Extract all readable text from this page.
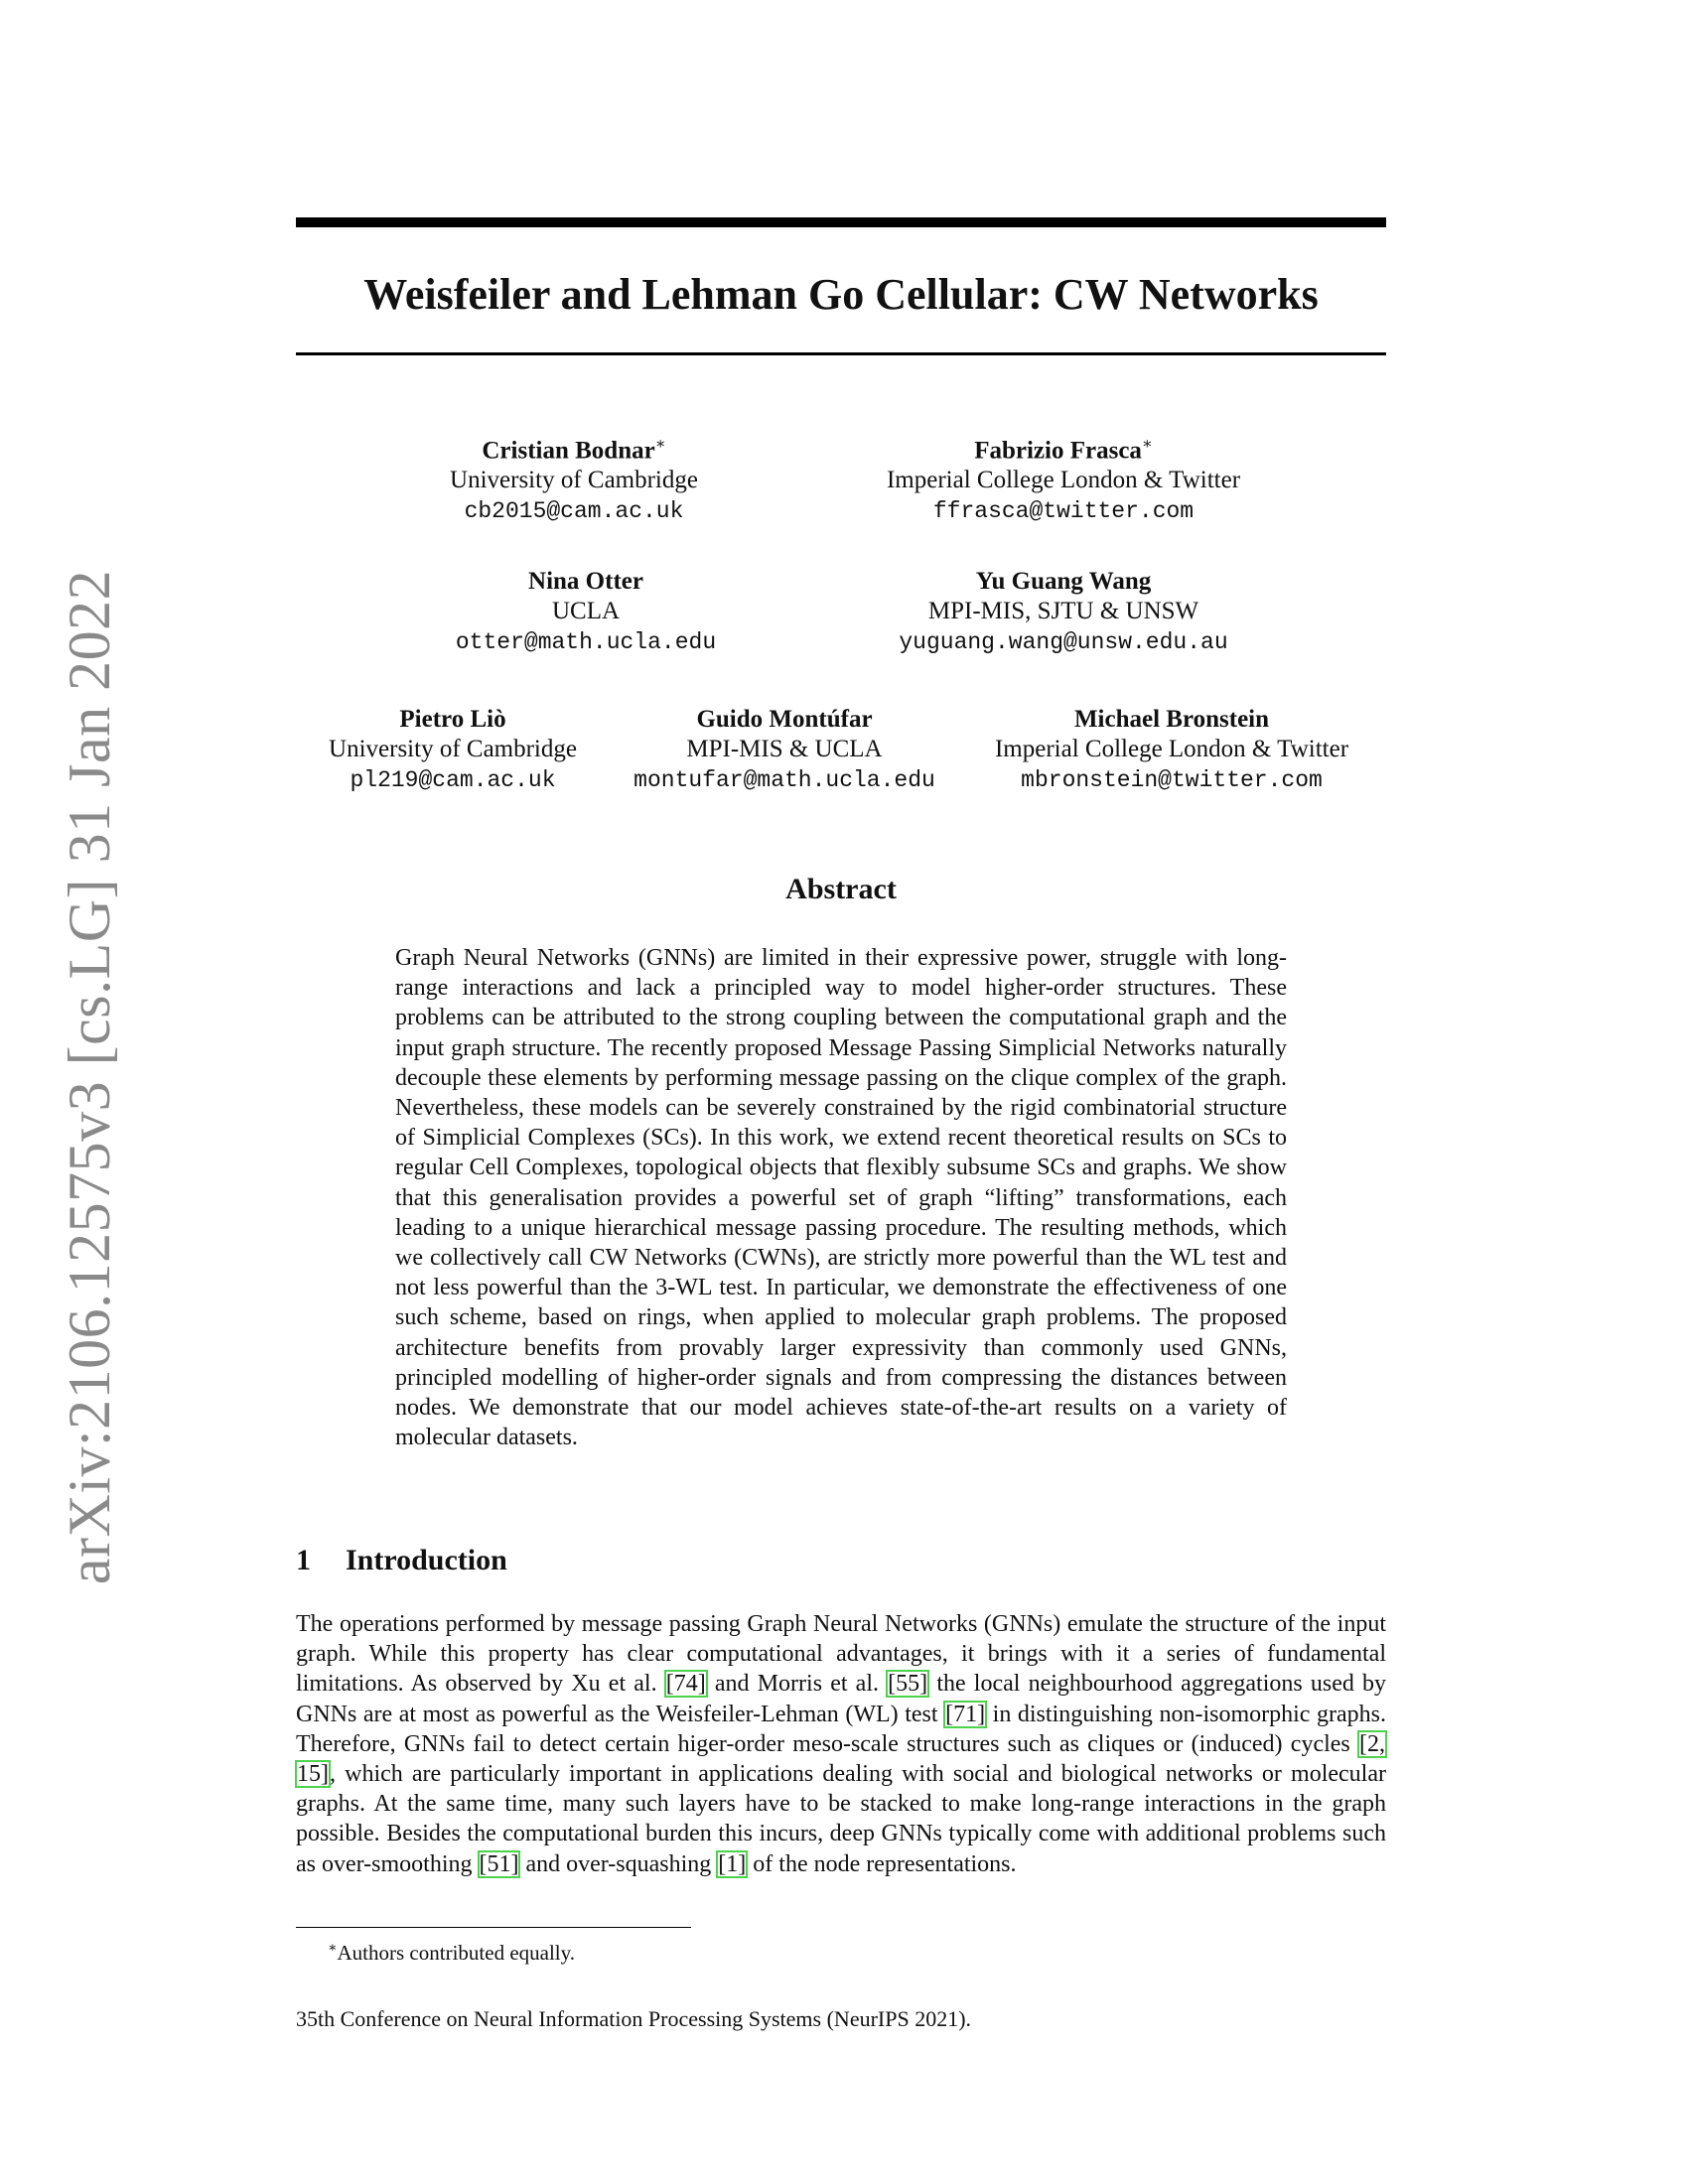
arXiv:2106.12575v3 [cs.LG] 31 Jan 2022
Weisfeiler and Lehman Go Cellular: CW Networks
Cristian Bodnar∗
University of Cambridge
cb2015@cam.ac.uk
Fabrizio Frasca∗
Imperial College London & Twitter
ffrasca@twitter.com
Nina Otter
UCLA
otter@math.ucla.edu
Yu Guang Wang
MPI-MIS, SJTU & UNSW
yuguang.wang@unsw.edu.au
Pietro Liò
University of Cambridge
pl219@cam.ac.uk
Guido Montúfar
MPI-MIS & UCLA
montufar@math.ucla.edu
Michael Bronstein
Imperial College London & Twitter
mbronstein@twitter.com
Abstract

Graph Neural Networks (GNNs) are limited in their expressive power, struggle with long-range interactions and lack a principled way to model higher-order structures. These problems can be attributed to the strong coupling between the computational graph and the input graph structure. The recently proposed Message Passing Simplicial Networks naturally decouple these elements by performing message passing on the clique complex of the graph. Nevertheless, these models can be severely constrained by the rigid combinatorial structure of Simplicial Complexes (SCs). In this work, we extend recent theoretical results on SCs to regular Cell Complexes, topological objects that flexibly subsume SCs and graphs. We show that this generalisation provides a powerful set of graph “lifting” transformations, each leading to a unique hierarchical message passing procedure. The resulting methods, which we collectively call CW Networks (CWNs), are strictly more powerful than the WL test and not less powerful than the 3-WL test. In particular, we demonstrate the effectiveness of one such scheme, based on rings, when applied to molecular graph problems. The proposed architecture benefits from provably larger expressivity than commonly used GNNs, principled modelling of higher-order signals and from compressing the distances between nodes. We demonstrate that our model achieves state-of-the-art results on a variety of molecular datasets.

1 Introduction

The operations performed by message passing Graph Neural Networks (GNNs) emulate the structure of the input graph. While this property has clear computational advantages, it brings with it a series of fundamental limitations. As observed by Xu et al. [74] and Morris et al. [55] the local neighbourhood aggregations used by GNNs are at most as powerful as the Weisfeiler-Lehman (WL) test [71] in distinguishing non-isomorphic graphs. Therefore, GNNs fail to detect certain higer-order meso-scale structures such as cliques or (induced) cycles [2, 15], which are particularly important in applications dealing with social and biological networks or molecular graphs. At the same time, many such layers have to be stacked to make long-range interactions in the graph possible. Besides the computational burden this incurs, deep GNNs typically come with additional problems such as over-smoothing [51] and over-squashing [1] of the node representations.

∗Authors contributed equally.
35th Conference on Neural Information Processing Systems (NeurIPS 2021).
